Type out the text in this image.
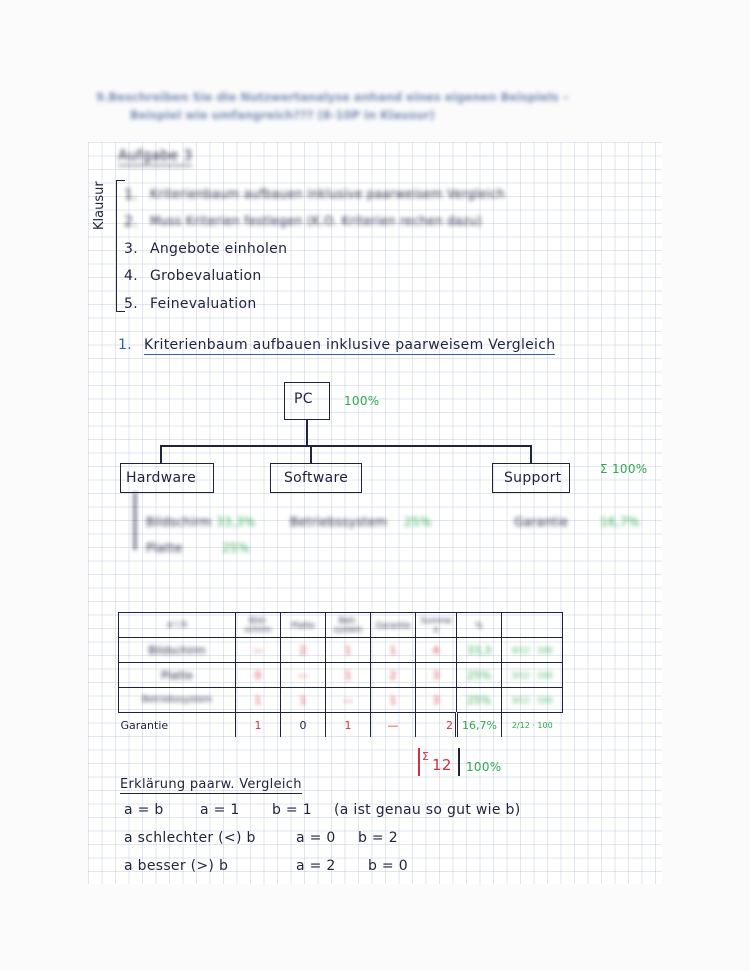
9.Beschreiben Sie die Nutzwertanalyse anhand eines eigenen Beispiels –
Beispiel wie umfangreich??? (8-10P in Klausur)
Aufgabe 3
Klausur 1. Kriterienbaum aufbauen inklusive paarweisem Vergleich
2. Muss Kriterien festlegen (K.O. Kriterien rechen dazu)
3. Angebote einholen
4. Grobevaluation
5. Feinevaluation
1. Kriterienbaum aufbauen inklusive paarweisem Vergleich
PC	100%
Σ 100%
Hardware	Software	Support
Bildschirm 33,3%
Platte	25%
Betriebssystem 25%	Garantie	16,7%
a \ b	Bild-schirm	Platte	Betr. system	Garantie	Summe a	%	
Bildschirm	—	2	1	1	4	33,3	4/12 · 100
Platte	0	—	1	2	3	25%	3/12 · 100
Betriebssystem	1	1	—	1	3	25%	3/12 · 100
Garantie	1	0	1	—	2	16,7%	2/12 · 100
Σ 12 100%
Erklärung paarw. Vergleich
a = b	a = 1 b = 1 (a ist genau so gut wie b)
a schlechter (<) b	a = 0 b = 2
a besser (>) b	a = 2 b = 0
